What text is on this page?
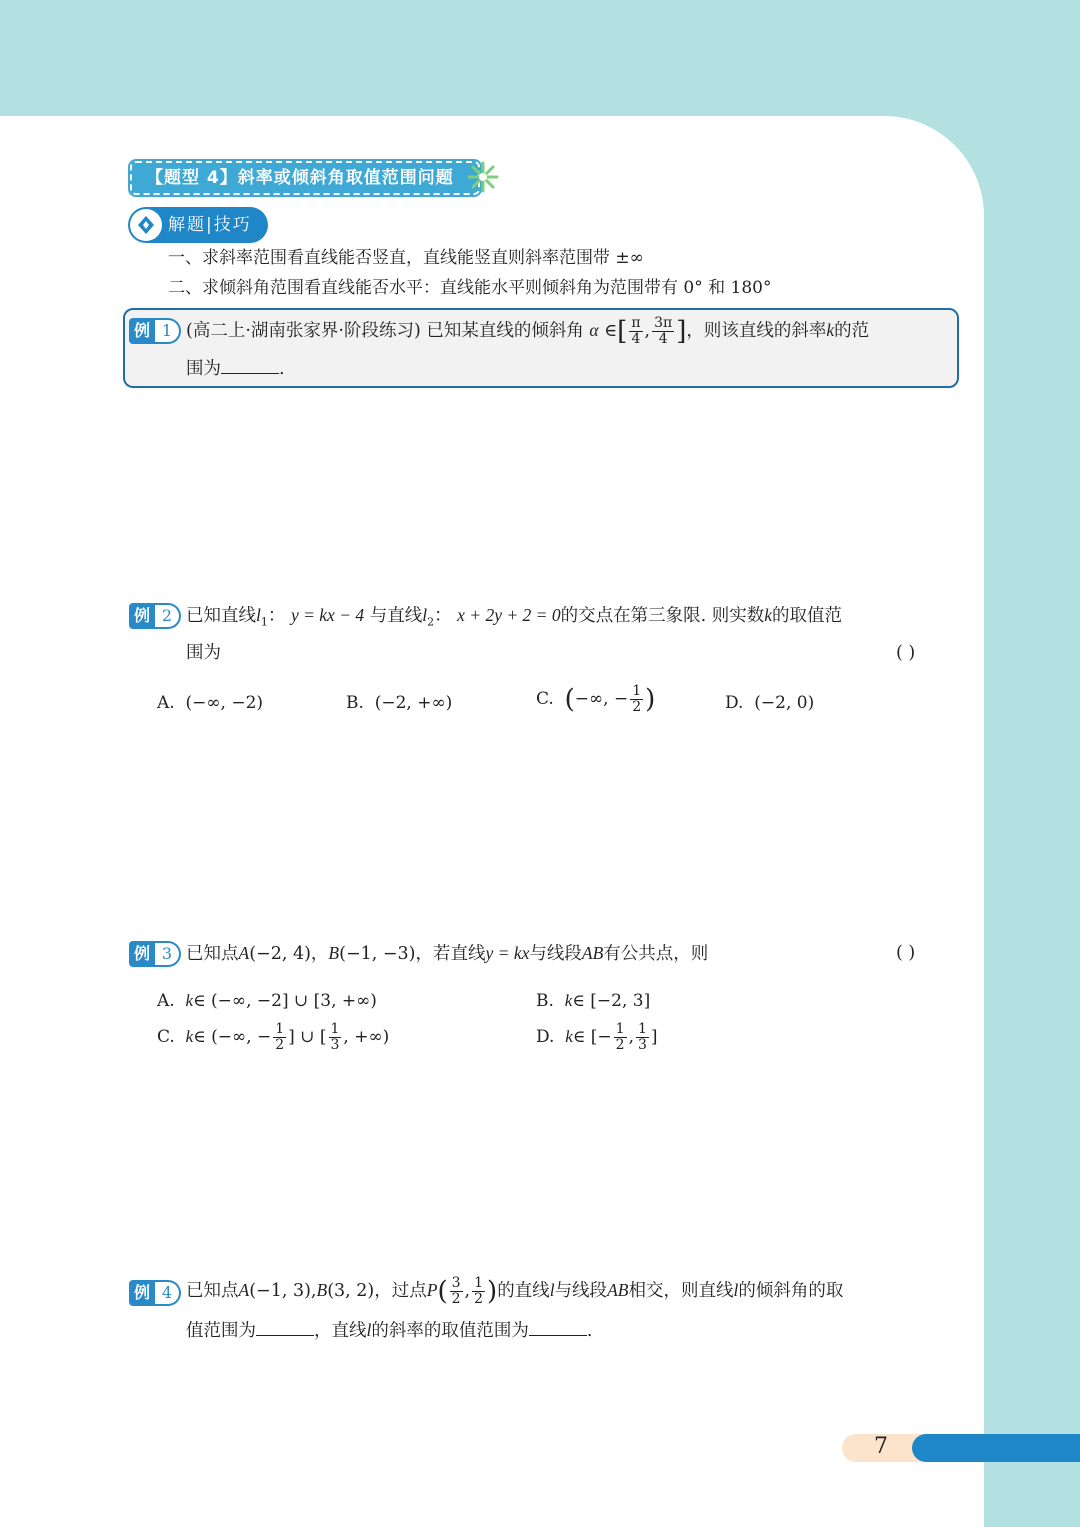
【题型 4】斜率或倾斜角取值范围问题
解题|技巧
一、求斜率范围看直线能否竖直，直线能竖直则斜率范围带 ±∞
二、求倾斜角范围看直线能否水平：直线能水平则倾斜角为范围带有 0° 和 180°
例 1 (高二上·湖南张家界·阶段练习) 已知某直线的倾斜角 α ∈[ $\frac{\pi}{4}$ , $\frac{3\pi}{4}$ ]，则该直线的斜率k的范
围为	.
例 2 已知直线$l_1$： y = kx − 4 与直线$l_2$： x + 2y + 2 = 0的交点在第三象限. 则实数k的取值范
围为	( )
A. (−∞, −2)	B. (−2, +∞)	C. (−∞, − $\frac{1}{2}$ )	D. (−2, 0)
例 3 已知点A(−2, 4)，B(−1, −3)，若直线y = kx与线段AB有公共点，则	( )
A. k∈ (−∞, −2] ∪ [3, +∞)	B. k∈ [−2, 3]
C. k∈ (−∞, − $\frac{1}{2}$ ] ∪ [ $\frac{1}{3}$ , +∞)	D. k∈ [− $\frac{1}{2}$ , $\frac{1}{3}$ ]
例 4 已知点A(−1, 3),B(3, 2)，过点$P( \frac{3}{2}$ , $\frac{1}{2}$ )的直线l与线段AB相交，则直线l的倾斜角的取
值范围为	，直线l的斜率的取值范围为	.
7
